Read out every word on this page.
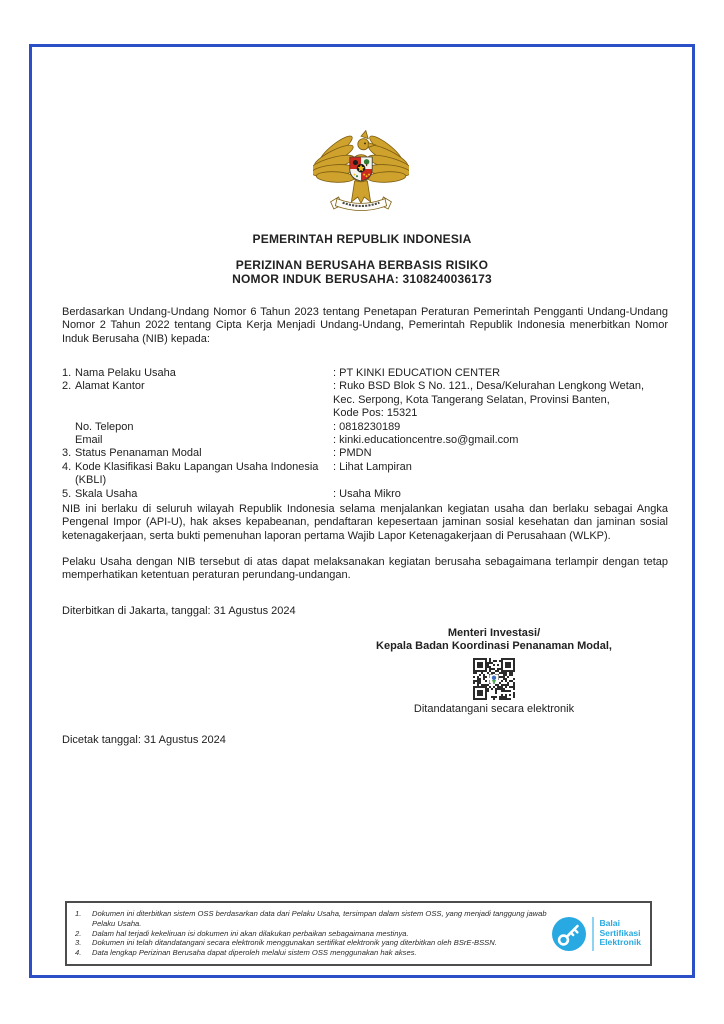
PEMERINTAH REPUBLIK INDONESIA
PERIZINAN BERUSAHA BERBASIS RISIKO
NOMOR INDUK BERUSAHA: 3108240036173
Berdasarkan Undang-Undang Nomor 6 Tahun 2023 tentang Penetapan Peraturan Pemerintah Pengganti Undang-Undang Nomor 2 Tahun 2022 tentang Cipta Kerja Menjadi Undang-Undang, Pemerintah Republik Indonesia menerbitkan Nomor Induk Berusaha (NIB) kepada:
1. Nama Pelaku Usaha	: PT KINKI EDUCATION CENTER
2. Alamat Kantor	: Ruko BSD Blok S No. 121., Desa/Kelurahan Lengkong Wetan, Kec. Serpong, Kota Tangerang Selatan, Provinsi Banten,
Kode Pos: 15321
No. Telepon	: 0818230189
Email	: kinki.educationcentre.so@gmail.com
3. Status Penanaman Modal	: PMDN
4. Kode Klasifikasi Baku Lapangan Usaha Indonesia (KBLI)
: Lihat Lampiran
5. Skala Usaha	: Usaha Mikro
NIB ini berlaku di seluruh wilayah Republik Indonesia selama menjalankan kegiatan usaha dan berlaku sebagai Angka Pengenal Impor (API-U), hak akses kepabeanan, pendaftaran kepesertaan jaminan sosial kesehatan dan jaminan sosial ketenagakerjaan, serta bukti pemenuhan laporan pertama Wajib Lapor Ketenagakerjaan di Perusahaan (WLKP).
Pelaku Usaha dengan NIB tersebut di atas dapat melaksanakan kegiatan berusaha sebagaimana terlampir dengan tetap memperhatikan ketentuan peraturan perundang-undangan.
Diterbitkan di Jakarta, tanggal: 31 Agustus 2024
Menteri Investasi/
Kepala Badan Koordinasi Penanaman Modal,
Ditandatangani secara elektronik
Dicetak tanggal: 31 Agustus 2024
1.	Dokumen ini diterbitkan sistem OSS berdasarkan data dari Pelaku Usaha, tersimpan dalam sistem OSS, yang menjadi tanggung jawab Pelaku Usaha.
2.	Dalam hal terjadi kekeliruan isi dokumen ini akan dilakukan perbaikan sebagaimana mestinya.
3.	Dokumen ini telah ditandatangani secara elektronik menggunakan sertifikat elektronik yang diterbitkan oleh BSrE-BSSN.
4.	Data lengkap Perizinan Berusaha dapat diperoleh melalui sistem OSS menggunakan hak akses.
Balai
Sertifikasi
Elektronik
